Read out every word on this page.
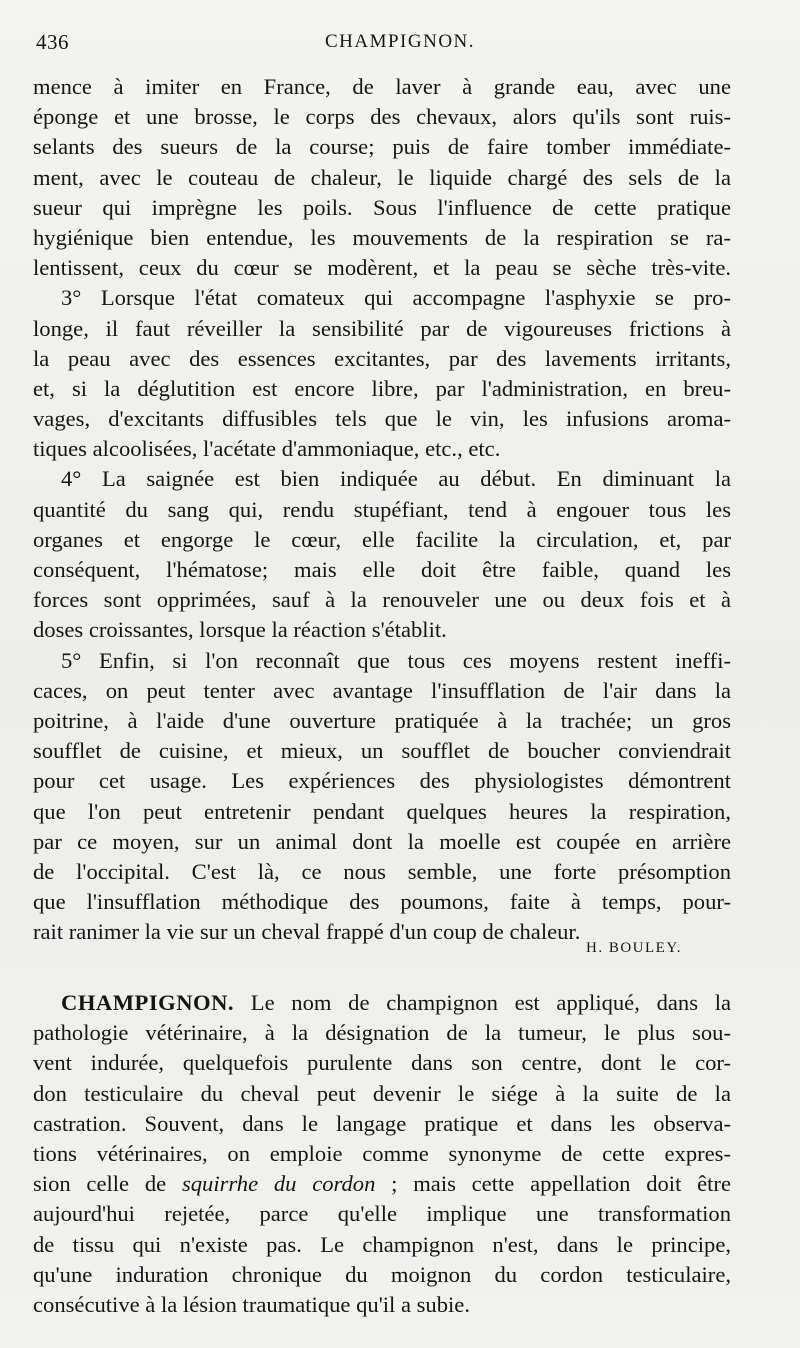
436	CHAMPIGNON.
mence à imiter en France, de laver à grande eau, avec une
éponge et une brosse, le corps des chevaux, alors qu'ils sont ruis-
selants des sueurs de la course; puis de faire tomber immédiate-
ment, avec le couteau de chaleur, le liquide chargé des sels de la
sueur qui imprègne les poils. Sous l'influence de cette pratique
hygiénique bien entendue, les mouvements de la respiration se ra-
lentissent, ceux du cœur se modèrent, et la peau se sèche très-vite.
3° Lorsque l'état comateux qui accompagne l'asphyxie se pro-
longe, il faut réveiller la sensibilité par de vigoureuses frictions à
la peau avec des essences excitantes, par des lavements irritants,
et, si la déglutition est encore libre, par l'administration, en breu-
vages, d'excitants diffusibles tels que le vin, les infusions aroma-
tiques alcoolisées, l'acétate d'ammoniaque, etc., etc.
4° La saignée est bien indiquée au début. En diminuant la
quantité du sang qui, rendu stupéfiant, tend à engouer tous les
organes et engorge le cœur, elle facilite la circulation, et, par
conséquent, l'hématose; mais elle doit être faible, quand les
forces sont opprimées, sauf à la renouveler une ou deux fois et à
doses croissantes, lorsque la réaction s'établit.
5° Enfin, si l'on reconnaît que tous ces moyens restent ineffi-
caces, on peut tenter avec avantage l'insufflation de l'air dans la
poitrine, à l'aide d'une ouverture pratiquée à la trachée; un gros
soufflet de cuisine, et mieux, un soufflet de boucher conviendrait
pour cet usage. Les expériences des physiologistes démontrent
que l'on peut entretenir pendant quelques heures la respiration,
par ce moyen, sur un animal dont la moelle est coupée en arrière
de l'occipital. C'est là, ce nous semble, une forte présomption
que l'insufflation méthodique des poumons, faite à temps, pour-
rait ranimer la vie sur un cheval frappé d'un coup de chaleur.
H. BOULEY.
CHAMPIGNON. Le nom de champignon est appliqué, dans la
pathologie vétérinaire, à la désignation de la tumeur, le plus sou-
vent indurée, quelquefois purulente dans son centre, dont le cor-
don testiculaire du cheval peut devenir le siége à la suite de la
castration. Souvent, dans le langage pratique et dans les observa-
tions vétérinaires, on emploie comme synonyme de cette expres-
sion celle de squirrhe du cordon ; mais cette appellation doit être
aujourd'hui rejetée, parce qu'elle implique une transformation
de tissu qui n'existe pas. Le champignon n'est, dans le principe,
qu'une induration chronique du moignon du cordon testiculaire,
consécutive à la lésion traumatique qu'il a subie.
